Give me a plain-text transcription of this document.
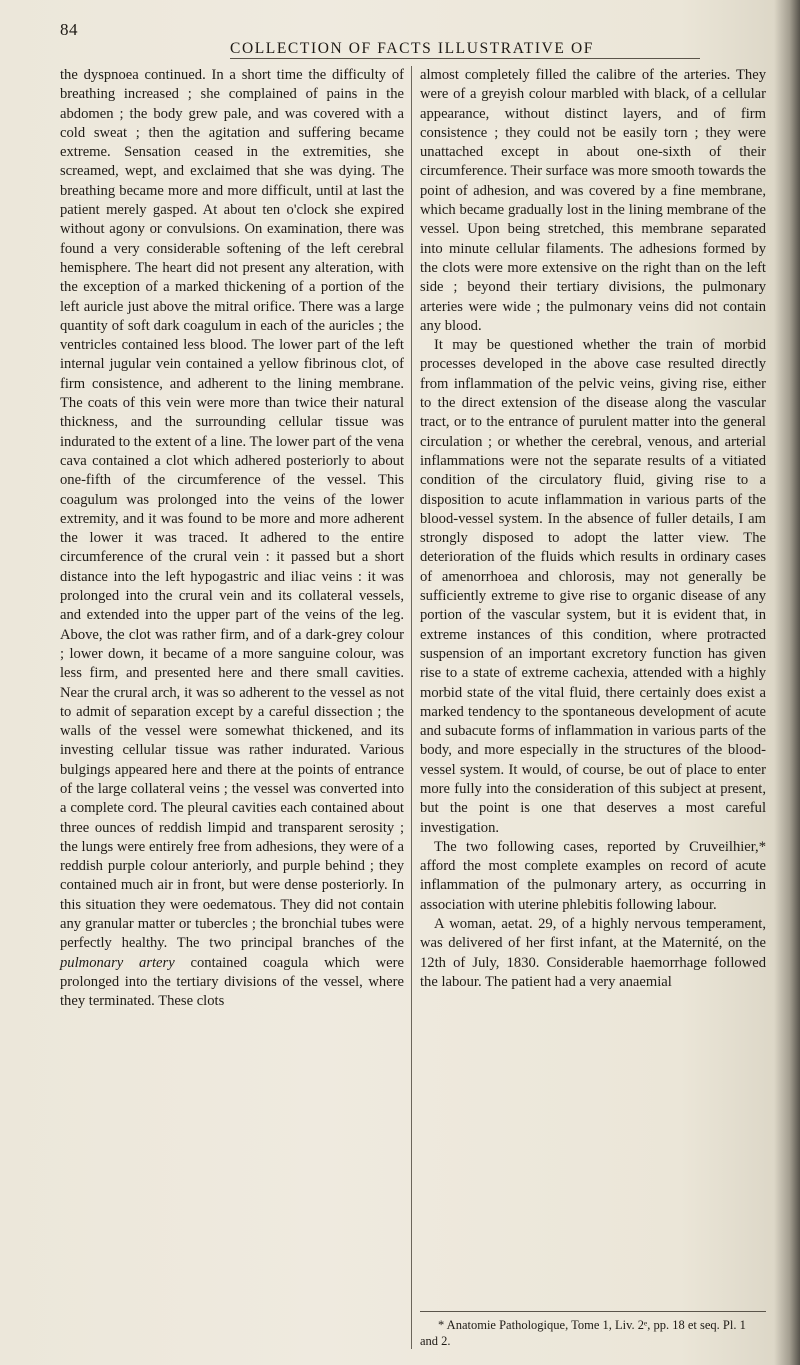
84
COLLECTION OF FACTS ILLUSTRATIVE OF

the dyspnoea continued. In a short time the difficulty of breathing increased ; she complained of pains in the abdomen ; the body grew pale, and was covered with a cold sweat ; then the agitation and suffering became extreme. Sensation ceased in the extremities, she screamed, wept, and exclaimed that she was dying. The breathing became more and more difficult, until at last the patient merely gasped. At about ten o'clock she expired without agony or convulsions. On examination, there was found a very considerable softening of the left cerebral hemisphere. The heart did not present any alteration, with the exception of a marked thickening of a portion of the left auricle just above the mitral orifice. There was a large quantity of soft dark coagulum in each of the auricles ; the ventricles contained less blood. The lower part of the left internal jugular vein contained a yellow fibrinous clot, of firm consistence, and adherent to the lining membrane. The coats of this vein were more than twice their natural thickness, and the surrounding cellular tissue was indurated to the extent of a line. The lower part of the vena cava contained a clot which adhered posteriorly to about one-fifth of the circumference of the vessel. This coagulum was prolonged into the veins of the lower extremity, and it was found to be more and more adherent the lower it was traced. It adhered to the entire circumference of the crural vein : it passed but a short distance into the left hypogastric and iliac veins : it was prolonged into the crural vein and its collateral vessels, and extended into the upper part of the veins of the leg. Above, the clot was rather firm, and of a dark-grey colour ; lower down, it became of a more sanguine colour, was less firm, and presented here and there small cavities. Near the crural arch, it was so adherent to the vessel as not to admit of separation except by a careful dissection ; the walls of the vessel were somewhat thickened, and its investing cellular tissue was rather indurated. Various bulgings appeared here and there at the points of entrance of the large collateral veins ; the vessel was converted into a complete cord. The pleural cavities each contained about three ounces of reddish limpid and transparent serosity ; the lungs were entirely free from adhesions, they were of a reddish purple colour anteriorly, and purple behind ; they contained much air in front, but were dense posteriorly. In this situation they were oedematous. They did not contain any granular matter or tubercles ; the bronchial tubes were perfectly healthy. The two principal branches of the pulmonary artery contained coagula which were prolonged into the tertiary divisions of the vessel, where they terminated. These clots

almost completely filled the calibre of the arteries. They were of a greyish colour marbled with black, of a cellular appearance, without distinct layers, and of firm consistence ; they could not be easily torn ; they were unattached except in about one-sixth of their circumference. Their surface was more smooth towards the point of adhesion, and was covered by a fine membrane, which became gradually lost in the lining membrane of the vessel. Upon being stretched, this membrane separated into minute cellular filaments. The adhesions formed by the clots were more extensive on the right than on the left side ; beyond their tertiary divisions, the pulmonary arteries were wide ; the pulmonary veins did not contain any blood.

It may be questioned whether the train of morbid processes developed in the above case resulted directly from inflammation of the pelvic veins, giving rise, either to the direct extension of the disease along the vascular tract, or to the entrance of purulent matter into the general circulation ; or whether the cerebral, venous, and arterial inflammations were not the separate results of a vitiated condition of the circulatory fluid, giving rise to a disposition to acute inflammation in various parts of the blood-vessel system. In the absence of fuller details, I am strongly disposed to adopt the latter view. The deterioration of the fluids which results in ordinary cases of amenorrhoea and chlorosis, may not generally be sufficiently extreme to give rise to organic disease of any portion of the vascular system, but it is evident that, in extreme instances of this condition, where protracted suspension of an important excretory function has given rise to a state of extreme cachexia, attended with a highly morbid state of the vital fluid, there certainly does exist a marked tendency to the spontaneous development of acute and subacute forms of inflammation in various parts of the body, and more especially in the structures of the blood-vessel system. It would, of course, be out of place to enter more fully into the consideration of this subject at present, but the point is one that deserves a most careful investigation.

The two following cases, reported by Cruveilhier,* afford the most complete examples on record of acute inflammation of the pulmonary artery, as occurring in association with uterine phlebitis following labour.

A woman, aetat. 29, of a highly nervous temperament, was delivered of her first infant, at the Maternité, on the 12th of July, 1830. Considerable haemorrhage followed the labour. The patient had a very anaemial

* Anatomie Pathologique, Tome 1, Liv. 2ᵉ, pp. 18 et seq. Pl. 1 and 2.
